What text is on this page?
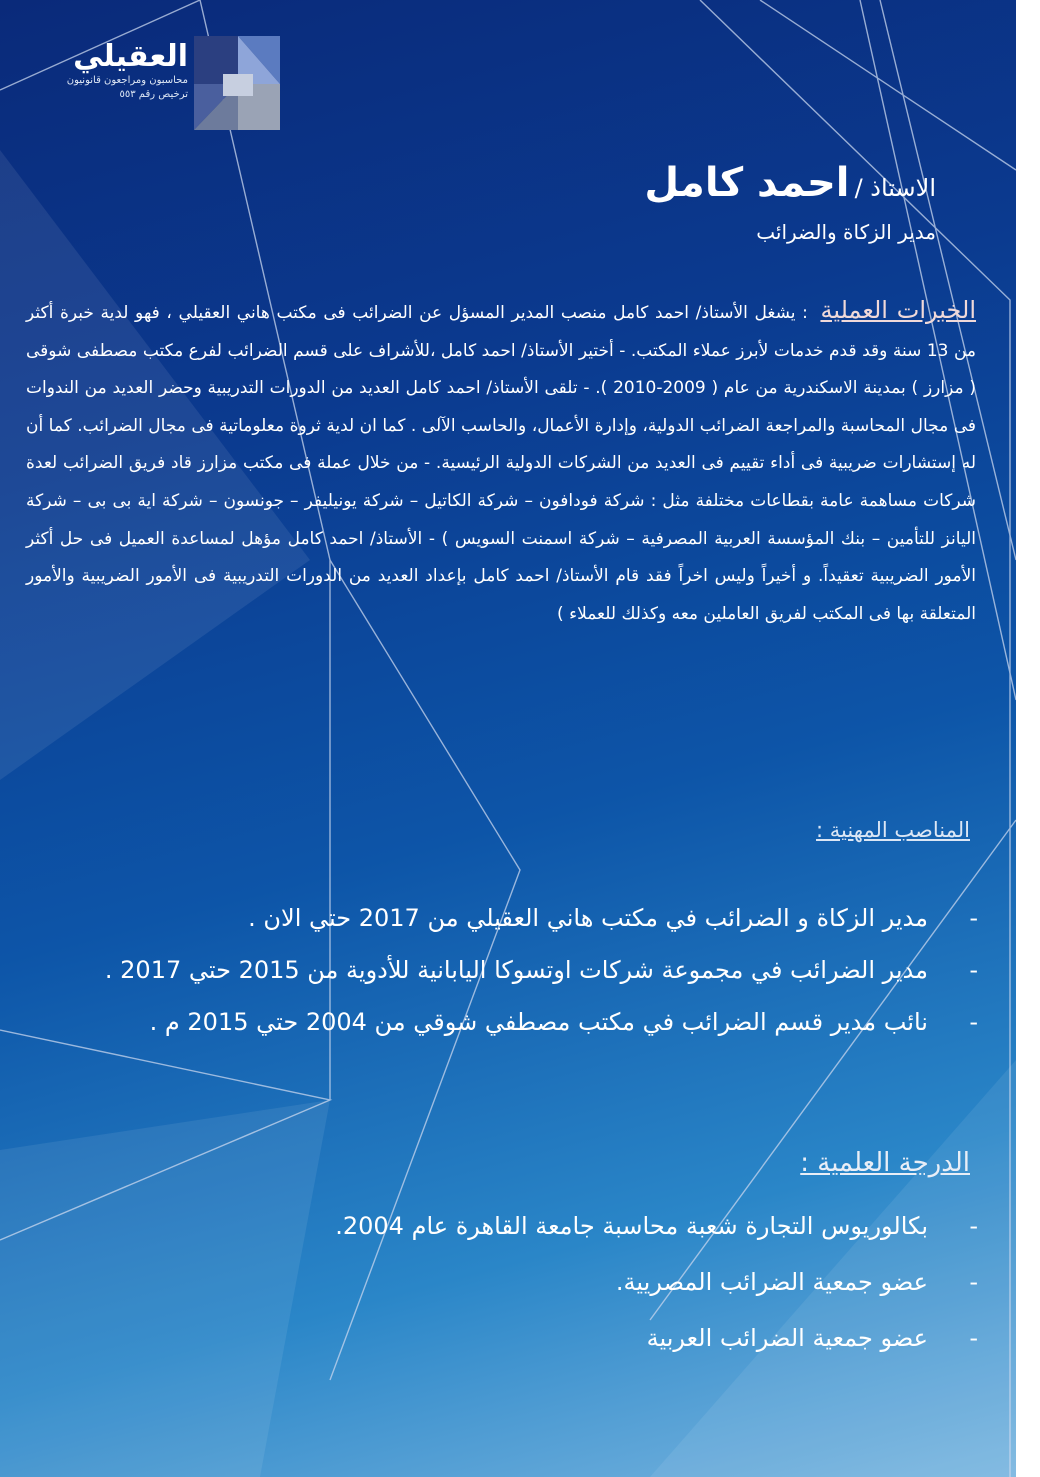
العقيلي
محاسبون ومراجعون قانونيون
ترخيص رقم ٥٥٣
الاستاذ / احمد كامل
مدير الزكاة والضرائب
الخبرات العملية : يشغل الأستاذ/ احمد كامل منصب المدير المسؤل عن الضرائب فى مكتب هاني العقيلي ، فهو لدية خبرة أكثر من 13 سنة وقد قدم خدمات لأبرز عملاء المكتب. - أختير الأستاذ/ احمد كامل ،للأشراف على قسم الضرائب لفرع مكتب مصطفى شوقى ( مزارز ) بمدينة الاسكندرية من عام ( 2009-2010 ). - تلقى الأستاذ/ احمد كامل العديد من الدورات التدريبية وحضر العديد من الندوات فى مجال المحاسبة والمراجعة الضرائب الدولية، وإدارة الأعمال، والحاسب الآلى . كما ان لدية ثروة معلوماتية فى مجال الضرائب. كما أن له إستشارات ضريبية فى أداء تقييم فى العديد من الشركات الدولية الرئيسية. - من خلال عملة فى مكتب مزارز قاد فريق الضرائب لعدة شركات مساهمة عامة بقطاعات مختلفة مثل : شركة فودافون – شركة الكاتيل – شركة يونيليفر – جونسون – شركة اية بى بى – شركة اليانز للتأمين – بنك المؤسسة العربية المصرفية – شركة اسمنت السويس ) - الأستاذ/ احمد كامل مؤهل لمساعدة العميل فى حل أكثر الأمور الضريبية تعقيداً. و أخيراً وليس اخراً فقد قام الأستاذ/ احمد كامل بإعداد العديد من الدورات التدريبية فى الأمور الضريبية والأمور المتعلقة بها فى المكتب لفريق العاملين معه وكذلك للعملاء )
المناصب المهنية :
- مدير الزكاة و الضرائب في مكتب هاني العقيلي من 2017 حتي الان .
- مدير الضرائب في مجموعة شركات اوتسوكا اليابانية للأدوية من 2015 حتي 2017 .
- نائب مدير قسم الضرائب في مكتب مصطفي شوقي من 2004 حتي 2015 م .
الدرجة العلمية :
- بكالوريوس التجارة شعبة محاسبة جامعة القاهرة عام 2004.
- عضو جمعية الضرائب المصريية.
- عضو جمعية الضرائب العربية
